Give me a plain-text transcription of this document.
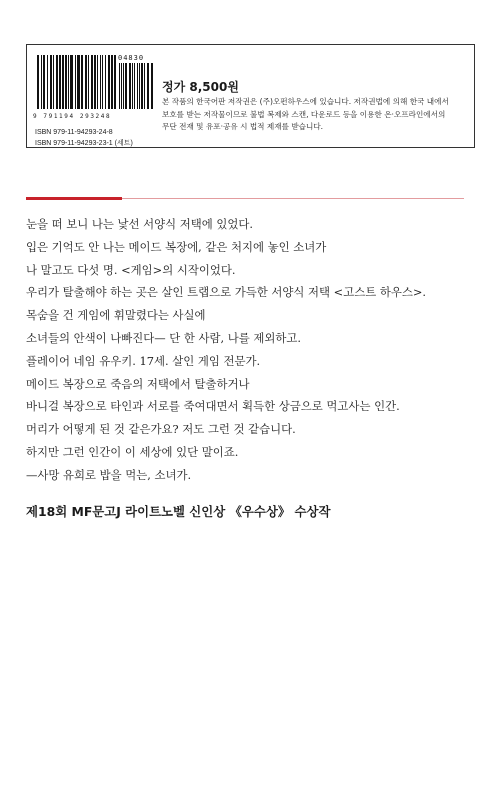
04830
9 791194 293248
ISBN 979-11-94293-24-8
ISBN 979-11-94293-23-1 (세트)
정가 8,500원
본 작품의 한국어판 저작권은 (주)오펀하우스에 있습니다. 저작권법에 의해 한국 내에서
보호를 받는 저작물이므로 불법 복제와 스캔, 다운로드 등을 이용한 온·오프라인에서의
무단 전재 및 유포·공유 시 법적 제재를 받습니다.
눈을 떠 보니 나는 낯선 서양식 저택에 있었다.
입은 기억도 안 나는 메이드 복장에, 같은 처지에 놓인 소녀가
나 말고도 다섯 명. <게임>의 시작이었다.
우리가 탈출해야 하는 곳은 살인 트랩으로 가득한 서양식 저택 <고스트 하우스>.
목숨을 건 게임에 휘말렸다는 사실에
소녀들의 안색이 나빠진다— 단 한 사람, 나를 제외하고.
플레이어 네임 유우키. 17세. 살인 게임 전문가.
메이드 복장으로 죽음의 저택에서 탈출하거나
바니걸 복장으로 타인과 서로를 죽여대면서 획득한 상금으로 먹고사는 인간.
머리가 어떻게 된 것 같은가요? 저도 그런 것 같습니다.
하지만 그런 인간이 이 세상에 있단 말이죠.
—사망 유희로 밥을 먹는, 소녀가.
제18회 MF문고J 라이트노벨 신인상 《우수상》 수상작
